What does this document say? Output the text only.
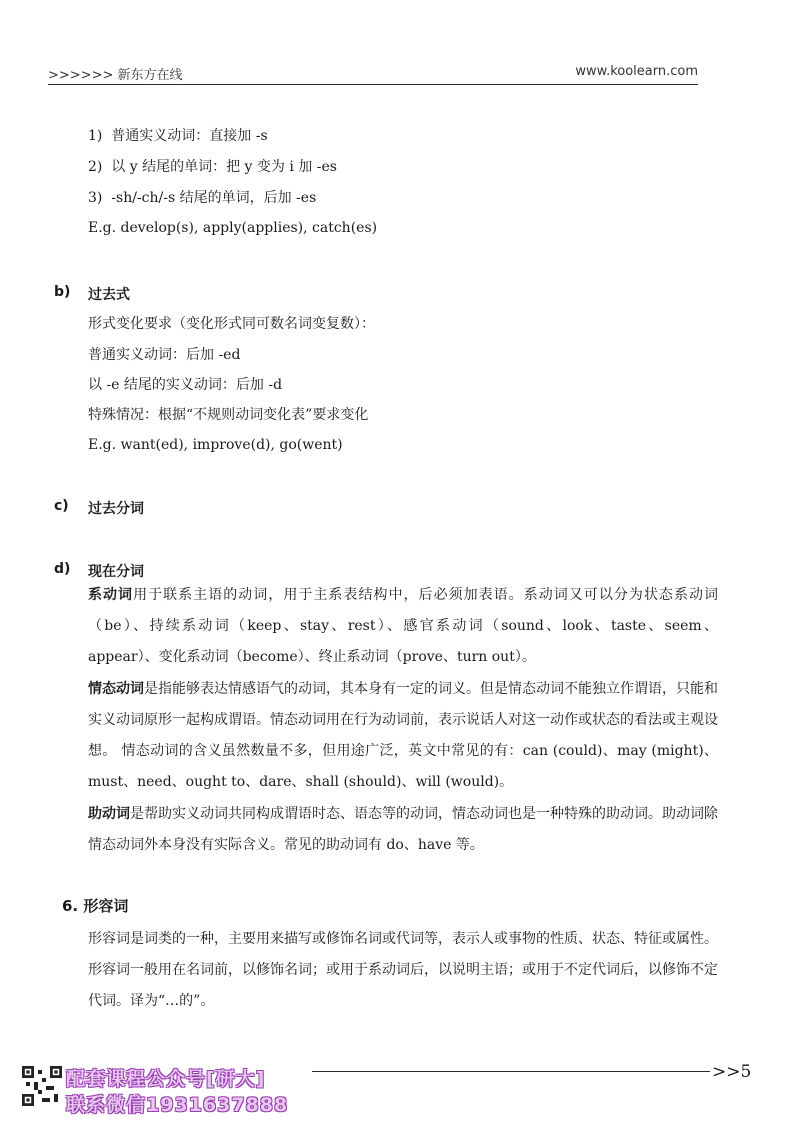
>>>>>> 新东方在线	www.koolearn.com
1) 普通实义动词：直接加 -s
2) 以 y 结尾的单词：把 y 变为 i 加 -es
3) -sh/-ch/-s 结尾的单词，后加 -es
E.g. develop(s), apply(applies), catch(es)
b) 过去式
形式变化要求（变化形式同可数名词变复数）：
普通实义动词：后加 -ed
以 -e 结尾的实义动词：后加 -d
特殊情况：根据“不规则动词变化表”要求变化
E.g. want(ed), improve(d), go(went)
c) 过去分词
d) 现在分词
系动词用于联系主语的动词，用于主系表结构中，后必须加表语。系动词又可以分为状态系动词（be）、持续系动词（keep、stay、rest）、感官系动词（sound、look、taste、seem、appear）、变化系动词（become）、终止系动词（prove、turn out）。
情态动词是指能够表达情感语气的动词，其本身有一定的词义。但是情态动词不能独立作谓语，只能和实义动词原形一起构成谓语。情态动词用在行为动词前，表示说话人对这一动作或状态的看法或主观设想。 情态动词的含义虽然数量不多，但用途广泛，英文中常见的有：can (could)、may (might)、must、need、ought to、dare、shall (should)、will (would)。
助动词是帮助实义动词共同构成谓语时态、语态等的动词，情态动词也是一种特殊的助动词。助动词除情态动词外本身没有实际含义。常见的助动词有 do、have 等。
6. 形容词
形容词是词类的一种，主要用来描写或修饰名词或代词等，表示人或事物的性质、状态、特征或属性。形容词一般用在名词前，以修饰名词；或用于系动词后，以说明主语；或用于不定代词后，以修饰不定代词。译为“…的”。
>>5
配套课程公众号[研大]
联系微信1931637888
